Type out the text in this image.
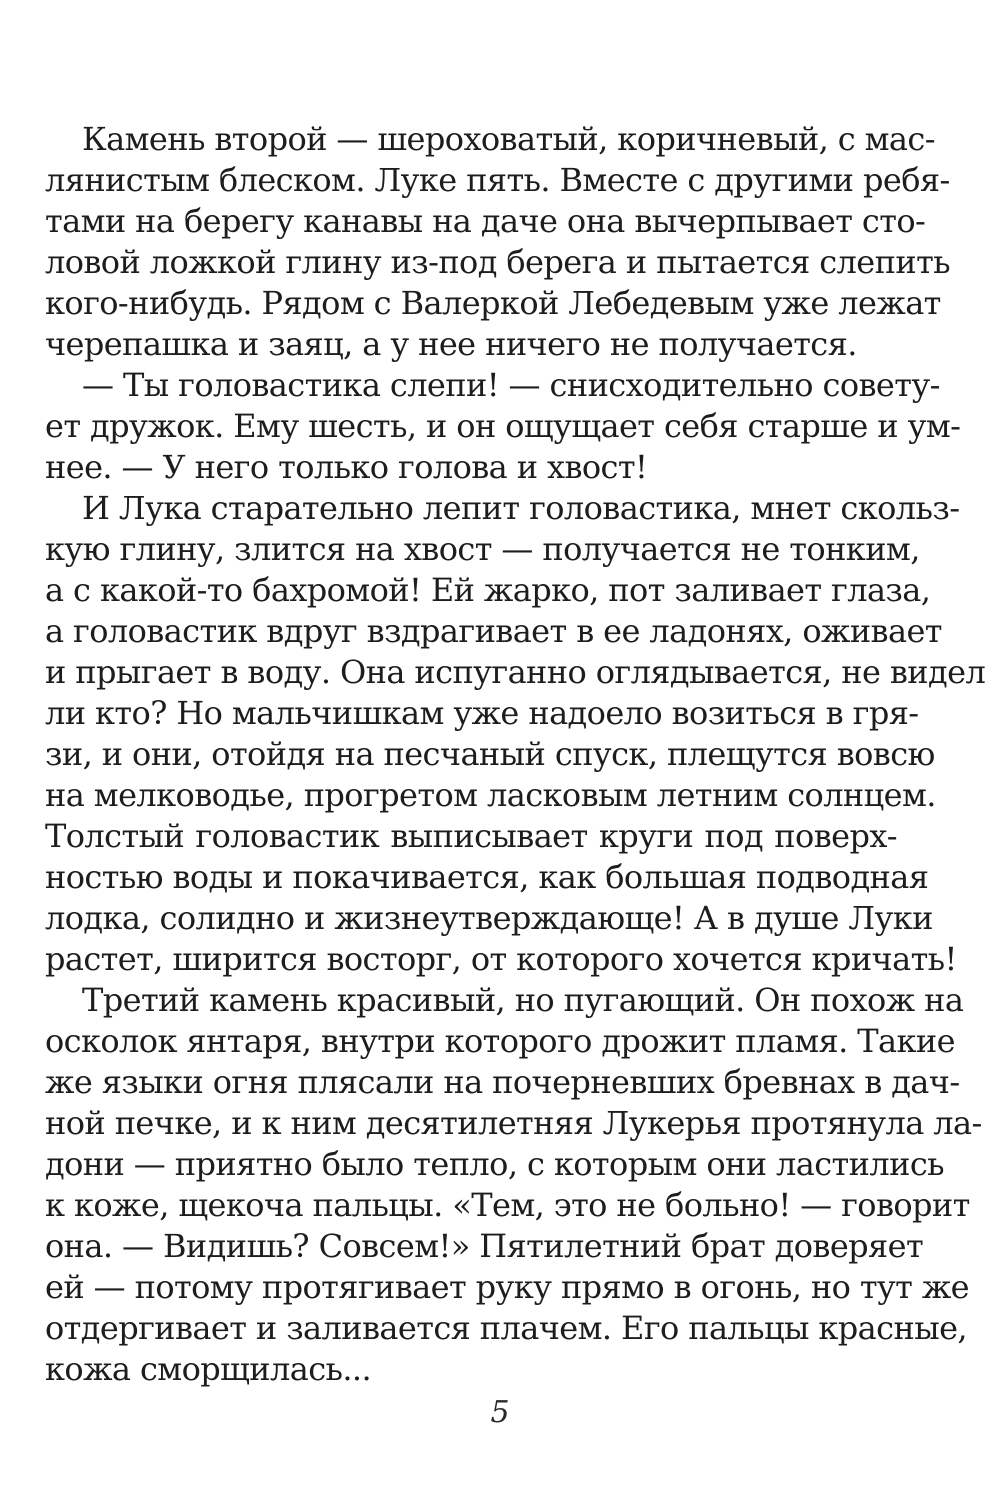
Камень второй — шероховатый, коричневый, с мас-
лянистым блеском. Луке пять. Вместе с другими ребя-
тами на берегу канавы на даче она вычерпывает сто-
ловой ложкой глину из-под берега и пытается слепить
кого-нибудь. Рядом с Валеркой Лебедевым уже лежат
черепашка и заяц, а у нее ничего не получается.
— Ты головастика слепи! — снисходительно совету-
ет дружок. Ему шесть, и он ощущает себя старше и ум-
нее. — У него только голова и хвост!
И Лука старательно лепит головастика, мнет скольз-
кую глину, злится на хвост — получается не тонким,
а с какой-то бахромой! Ей жарко, пот заливает глаза,
а головастик вдруг вздрагивает в ее ладонях, оживает
и прыгает в воду. Она испуганно оглядывается, не видел
ли кто? Но мальчишкам уже надоело возиться в гря-
зи, и они, отойдя на песчаный спуск, плещутся вовсю
на мелководье, прогретом ласковым летним солнцем.
Толстый головастик выписывает круги под поверх-
ностью воды и покачивается, как большая подводная
лодка, солидно и жизнеутверждающе! А в душе Луки
растет, ширится восторг, от которого хочется кричать!
Третий камень красивый, но пугающий. Он похож на
осколок янтаря, внутри которого дрожит пламя. Такие
же языки огня плясали на почерневших бревнах в дач-
ной печке, и к ним десятилетняя Лукерья протянула ла-
дони — приятно было тепло, с которым они ластились
к коже, щекоча пальцы. «Тем, это не больно! — говорит
она. — Видишь? Совсем!» Пятилетний брат доверяет
ей — потому протягивает руку прямо в огонь, но тут же
отдергивает и заливается плачем. Его пальцы красные,
кожа сморщилась...
5
